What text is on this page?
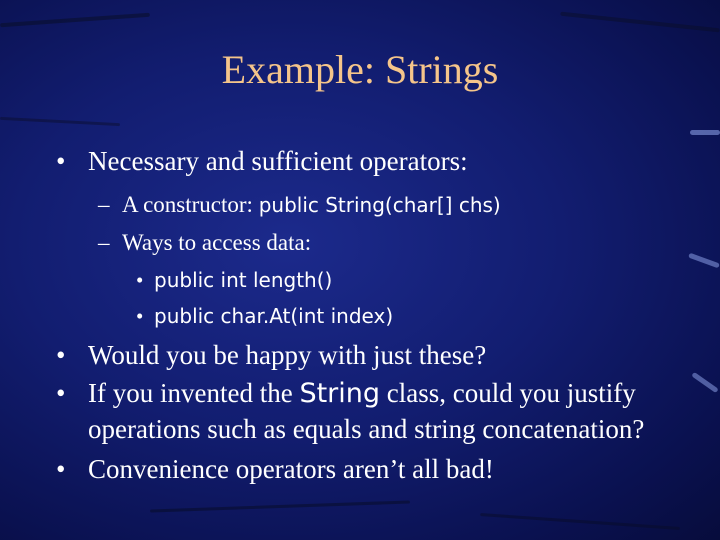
Example: Strings
• Necessary and sufficient operators:
– A constructor: public String(char[] chs)
– Ways to access data:
• public int length()
• public char.At(int index)
• Would you be happy with just these?
• If you invented the String class, could you justify
operations such as equals and string concatenation?
• Convenience operators aren’t all bad!
